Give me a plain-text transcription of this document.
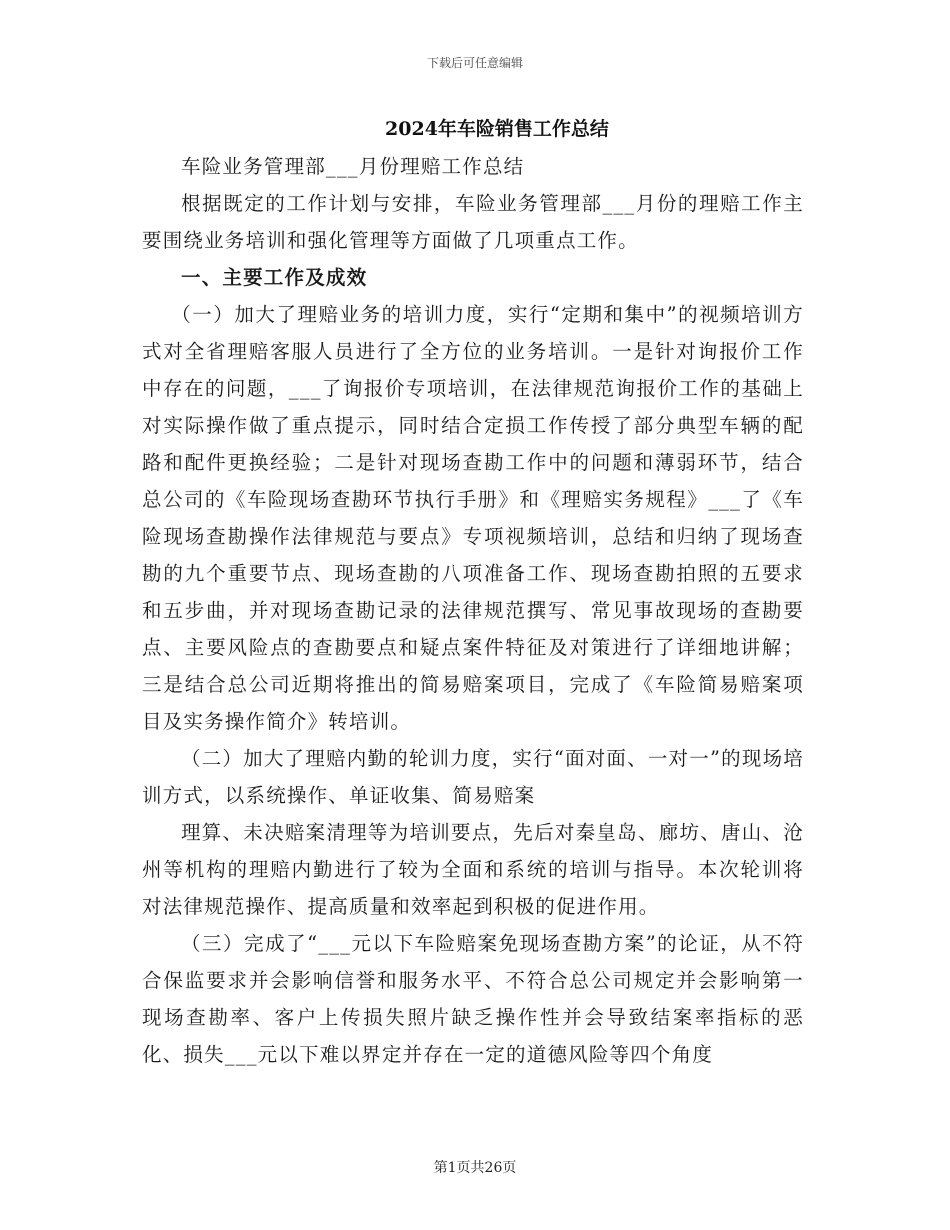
下载后可任意编辑
2024年车险销售工作总结

车险业务管理部___月份理赔工作总结

根据既定的工作计划与安排，车险业务管理部___月份的理赔工作主要围绕业务培训和强化管理等方面做了几项重点工作。

一、主要工作及成效

（一）加大了理赔业务的培训力度，实行“定期和集中”的视频培训方式对全省理赔客服人员进行了全方位的业务培训。一是针对询报价工作中存在的问题，___了询报价专项培训，在法律规范询报价工作的基础上对实际操作做了重点提示，同时结合定损工作传授了部分典型车辆的配路和配件更换经验；二是针对现场查勘工作中的问题和薄弱环节，结合总公司的《车险现场查勘环节执行手册》和《理赔实务规程》___了《车险现场查勘操作法律规范与要点》专项视频培训，总结和归纳了现场查勘的九个重要节点、现场查勘的八项准备工作、现场查勘拍照的五要求和五步曲，并对现场查勘记录的法律规范撰写、常见事故现场的查勘要点、主要风险点的查勘要点和疑点案件特征及对策进行了详细地讲解；三是结合总公司近期将推出的简易赔案项目，完成了《车险简易赔案项目及实务操作简介》转培训。

（二）加大了理赔内勤的轮训力度，实行“面对面、一对一”的现场培训方式，以系统操作、单证收集、简易赔案

理算、未决赔案清理等为培训要点，先后对秦皇岛、廊坊、唐山、沧州等机构的理赔内勤进行了较为全面和系统的培训与指导。本次轮训将对法律规范操作、提高质量和效率起到积极的促进作用。

（三）完成了“___元以下车险赔案免现场查勘方案”的论证，从不符合保监要求并会影响信誉和服务水平、不符合总公司规定并会影响第一现场查勘率、客户上传损失照片缺乏操作性并会导致结案率指标的恶化、损失___元以下难以界定并存在一定的道德风险等四个角度

第1页共26页
